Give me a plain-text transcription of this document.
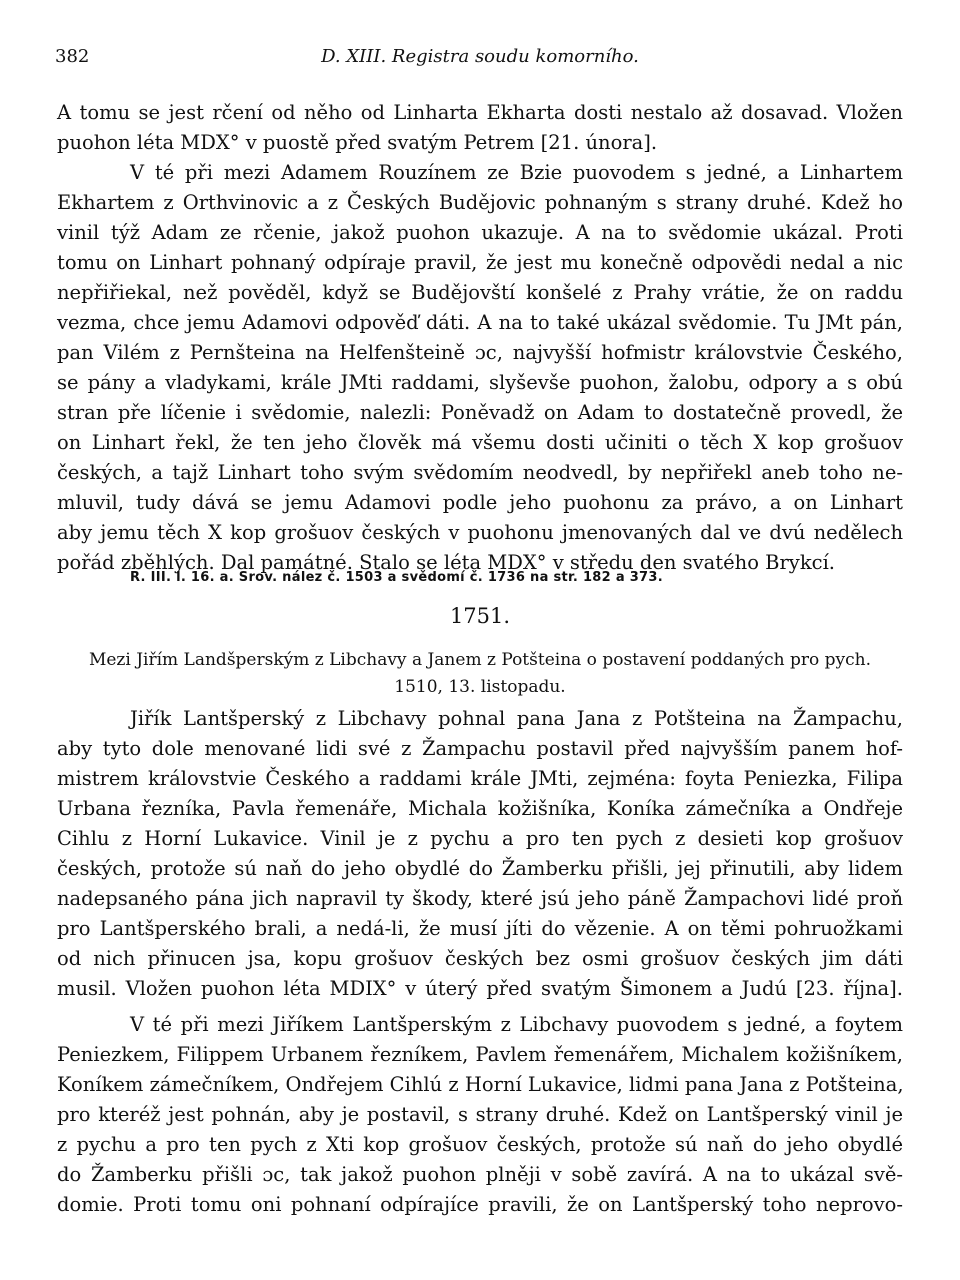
382	D. XIII. Registra soudu komorního.
A tomu se jest rčení od něho od Linharta Ekharta dosti nestalo až dosavad. Vložen
puohon léta MDX° v puostě před svatým Petrem [21. února].
V té při mezi Adamem Rouzínem ze Bzie puovodem s jedné, a Linhartem
Ekhartem z Orthvinovic a z Českých Budějovic pohnaným s strany druhé. Kdež ho
vinil týž Adam ze rčenie, jakož puohon ukazuje. A na to svědomie ukázal. Proti
tomu on Linhart pohnaný odpíraje pravil, že jest mu konečně odpovědi nedal a nic
nepřiřiekal, než pověděl, když se Budějovští konšelé z Prahy vrátie, že on raddu
vezma, chce jemu Adamovi odpověď dáti. A na to také ukázal svědomie. Tu JMt pán,
pan Vilém z Pernšteina na Helfenšteině ɔc, najvyšší hofmistr královstvie Českého,
se pány a vladykami, krále JMti raddami, slyševše puohon, žalobu, odpory a s obú
stran pře líčenie i svědomie, nalezli: Poněvadž on Adam to dostatečně provedl, že
on Linhart řekl, že ten jeho člověk má všemu dosti učiniti o těch X kop grošuov
českých, a tajž Linhart toho svým svědomím neodvedl, by nepřiřekl aneb toho ne-
mluvil, tudy dává se jemu Adamovi podle jeho puohonu za právo, a on Linhart
aby jemu těch X kop grošuov českých v puohonu jmenovaných dal ve dvú nedělech
pořád zběhlých. Dal památné. Stalo se léta MDX° v středu den svatého Brykcí.
R. III. l. 16. a. Srov. nález č. 1503 a svědomí č. 1736 na str. 182 a 373.
1751.
Mezi Jiřím Landšperským z Libchavy a Janem z Potšteina o postavení poddaných pro pych.
1510, 13. listopadu.
Jiřík Lantšperský z Libchavy pohnal pana Jana z Potšteina na Žampachu,
aby tyto dole menované lidi své z Žampachu postavil před najvyšším panem hof-
mistrem královstvie Českého a raddami krále JMti, zejména: foyta Peniezka, Filipa
Urbana řezníka, Pavla řemenáře, Michala kožišníka, Koníka zámečníka a Ondřeje
Cihlu z Horní Lukavice. Vinil je z pychu a pro ten pych z desieti kop grošuov
českých, protože sú naň do jeho obydlé do Žamberku přišli, jej přinutili, aby lidem
nadepsaného pána jich napravil ty škody, které jsú jeho páně Žampachovi lidé proň
pro Lantšperského brali, a nedá-li, že musí jíti do vězenie. A on těmi pohruožkami
od nich přinucen jsa, kopu grošuov českých bez osmi grošuov českých jim dáti
musil. Vložen puohon léta MDIX° v úterý před svatým Šimonem a Judú [23. října].
V té při mezi Jiříkem Lantšperským z Libchavy puovodem s jedné, a foytem
Peniezkem, Filippem Urbanem řezníkem, Pavlem řemenářem, Michalem kožišníkem,
Koníkem zámečníkem, Ondřejem Cihlú z Horní Lukavice, lidmi pana Jana z Potšteina,
pro kteréž jest pohnán, aby je postavil, s strany druhé. Kdež on Lantšperský vinil je
z pychu a pro ten pych z Xti kop grošuov českých, protože sú naň do jeho obydlé
do Žamberku přišli ɔc, tak jakož puohon plněji v sobě zavírá. A na to ukázal svě-
domie. Proti tomu oni pohnaní odpírajíce pravili, že on Lantšperský toho neprovo-
